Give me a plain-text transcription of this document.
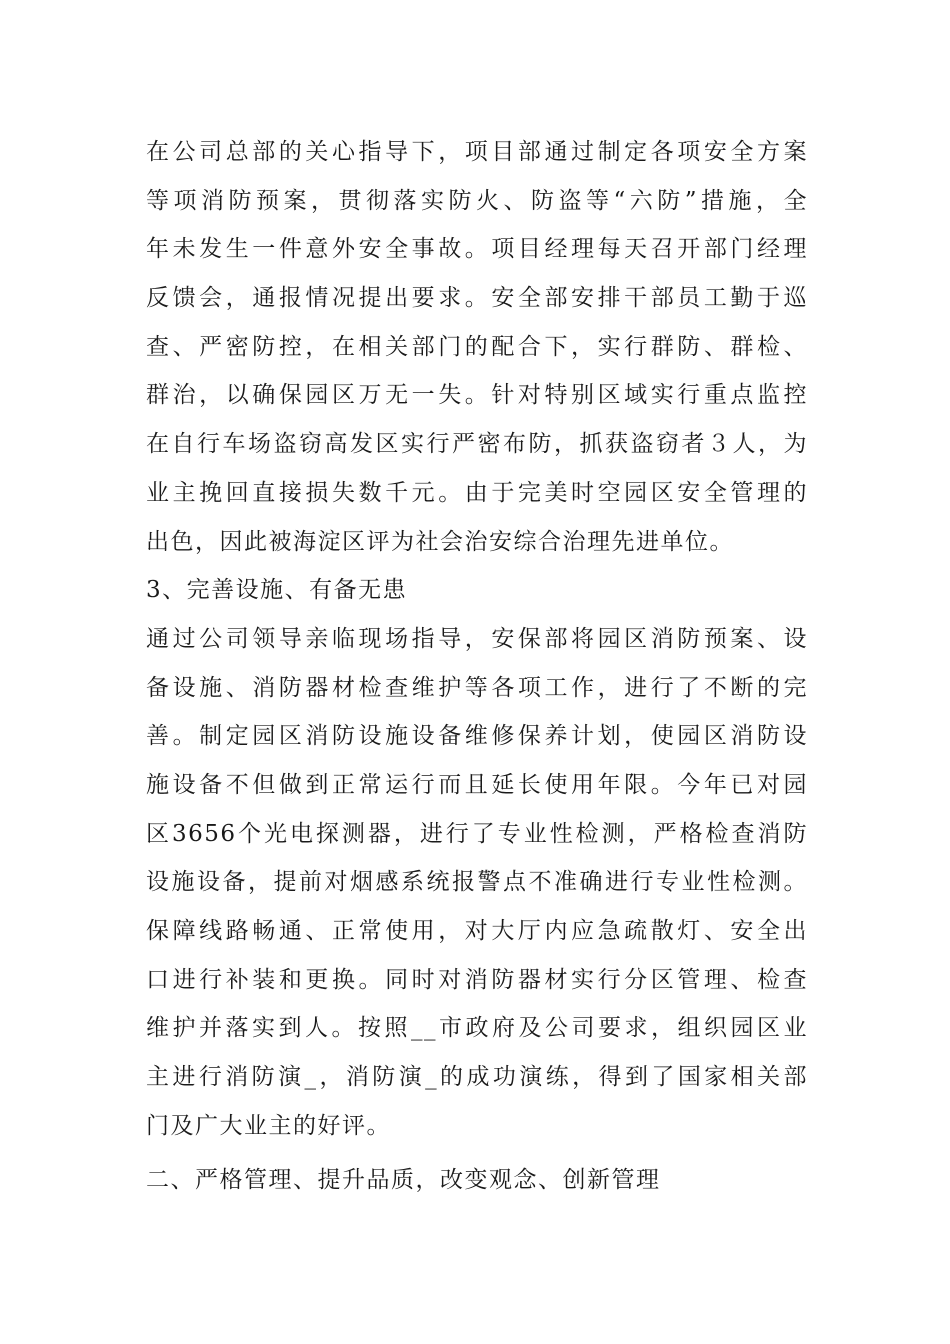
在公司总部的关心指导下，项目部通过制定各项安全方案
等项消防预案，贯彻落实防火、防盗等“六防”措施，全
年未发生一件意外安全事故。项目经理每天召开部门经理
反馈会，通报情况提出要求。安全部安排干部员工勤于巡
查、严密防控，在相关部门的配合下，实行群防、群检、
群治，以确保园区万无一失。针对特别区域实行重点监控
在自行车场盗窃高发区实行严密布防，抓获盗窃者３人，为
业主挽回直接损失数千元。由于完美时空园区安全管理的
出色，因此被海淀区评为社会治安综合治理先进单位。
3、完善设施、有备无患
通过公司领导亲临现场指导，安保部将园区消防预案、设
备设施、消防器材检查维护等各项工作，进行了不断的完
善。制定园区消防设施设备维修保养计划，使园区消防设
施设备不但做到正常运行而且延长使用年限。今年已对园
区3656个光电探测器，进行了专业性检测，严格检查消防
设施设备，提前对烟感系统报警点不准确进行专业性检测。
保障线路畅通、正常使用，对大厅内应急疏散灯、安全出
口进行补装和更换。同时对消防器材实行分区管理、检查
维护并落实到人。按照__市政府及公司要求，组织园区业
主进行消防演_，消防演_的成功演练，得到了国家相关部
门及广大业主的好评。
二、严格管理、提升品质，改变观念、创新管理
